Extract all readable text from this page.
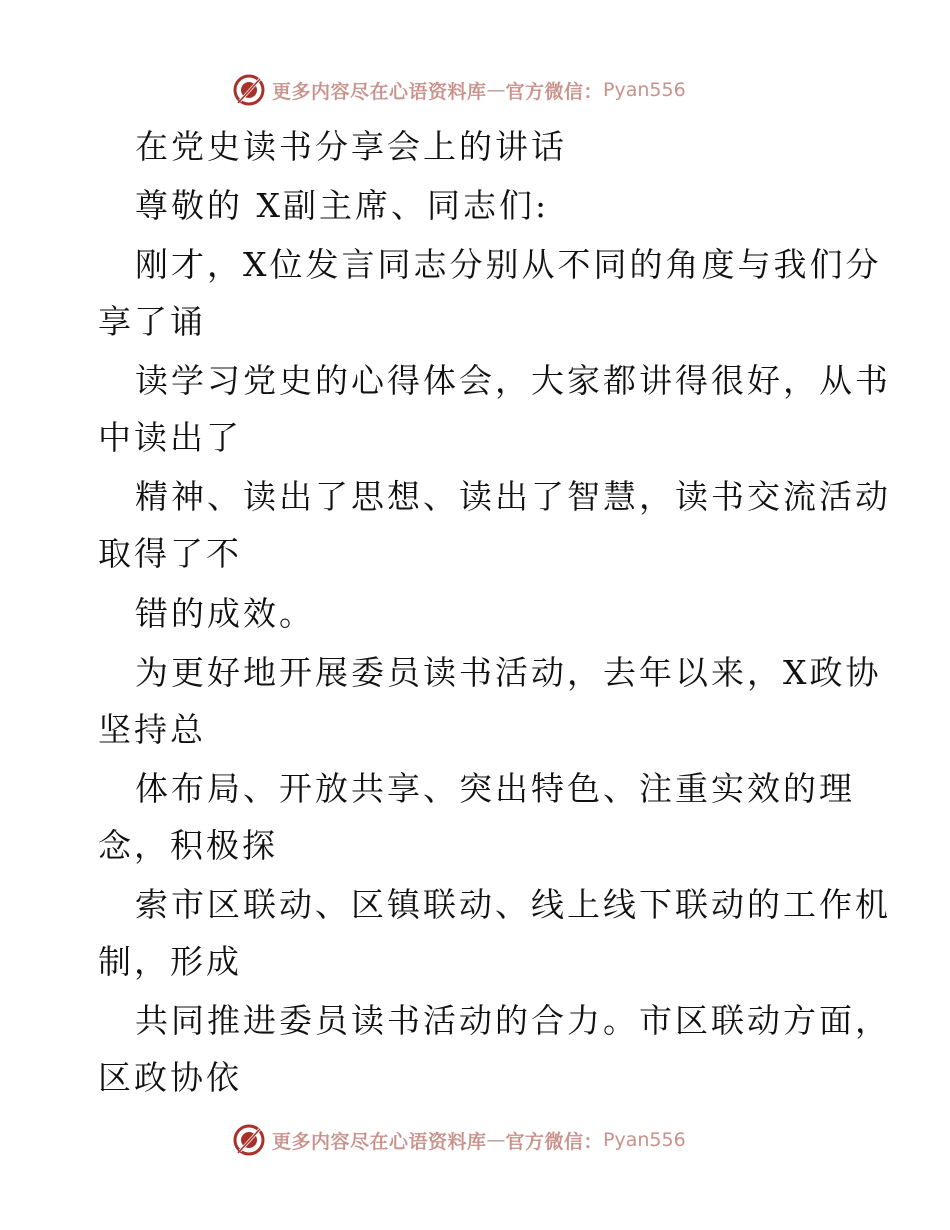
更多内容尽在心语资料库 — 官方微信： Pyan556
在党史读书分享会上的讲话
尊敬的 X副主席、同志们:
刚才，X位发言同志分别从不同的角度与我们分
享了诵
读学习党史的心得体会，大家都讲得很好，从书
中读出了
精神、读出了思想、读出了智慧，读书交流活动
取得了不
错的成效。
为更好地开展委员读书活动，去年以来，X政协
坚持总
体布局、开放共享、突出特色、注重实效的理
念，积极探
索市区联动、区镇联动、线上线下联动的工作机
制，形成
共同推进委员读书活动的合力。市区联动方面，
区政协依
更多内容尽在心语资料库 — 官方微信： Pyan556
